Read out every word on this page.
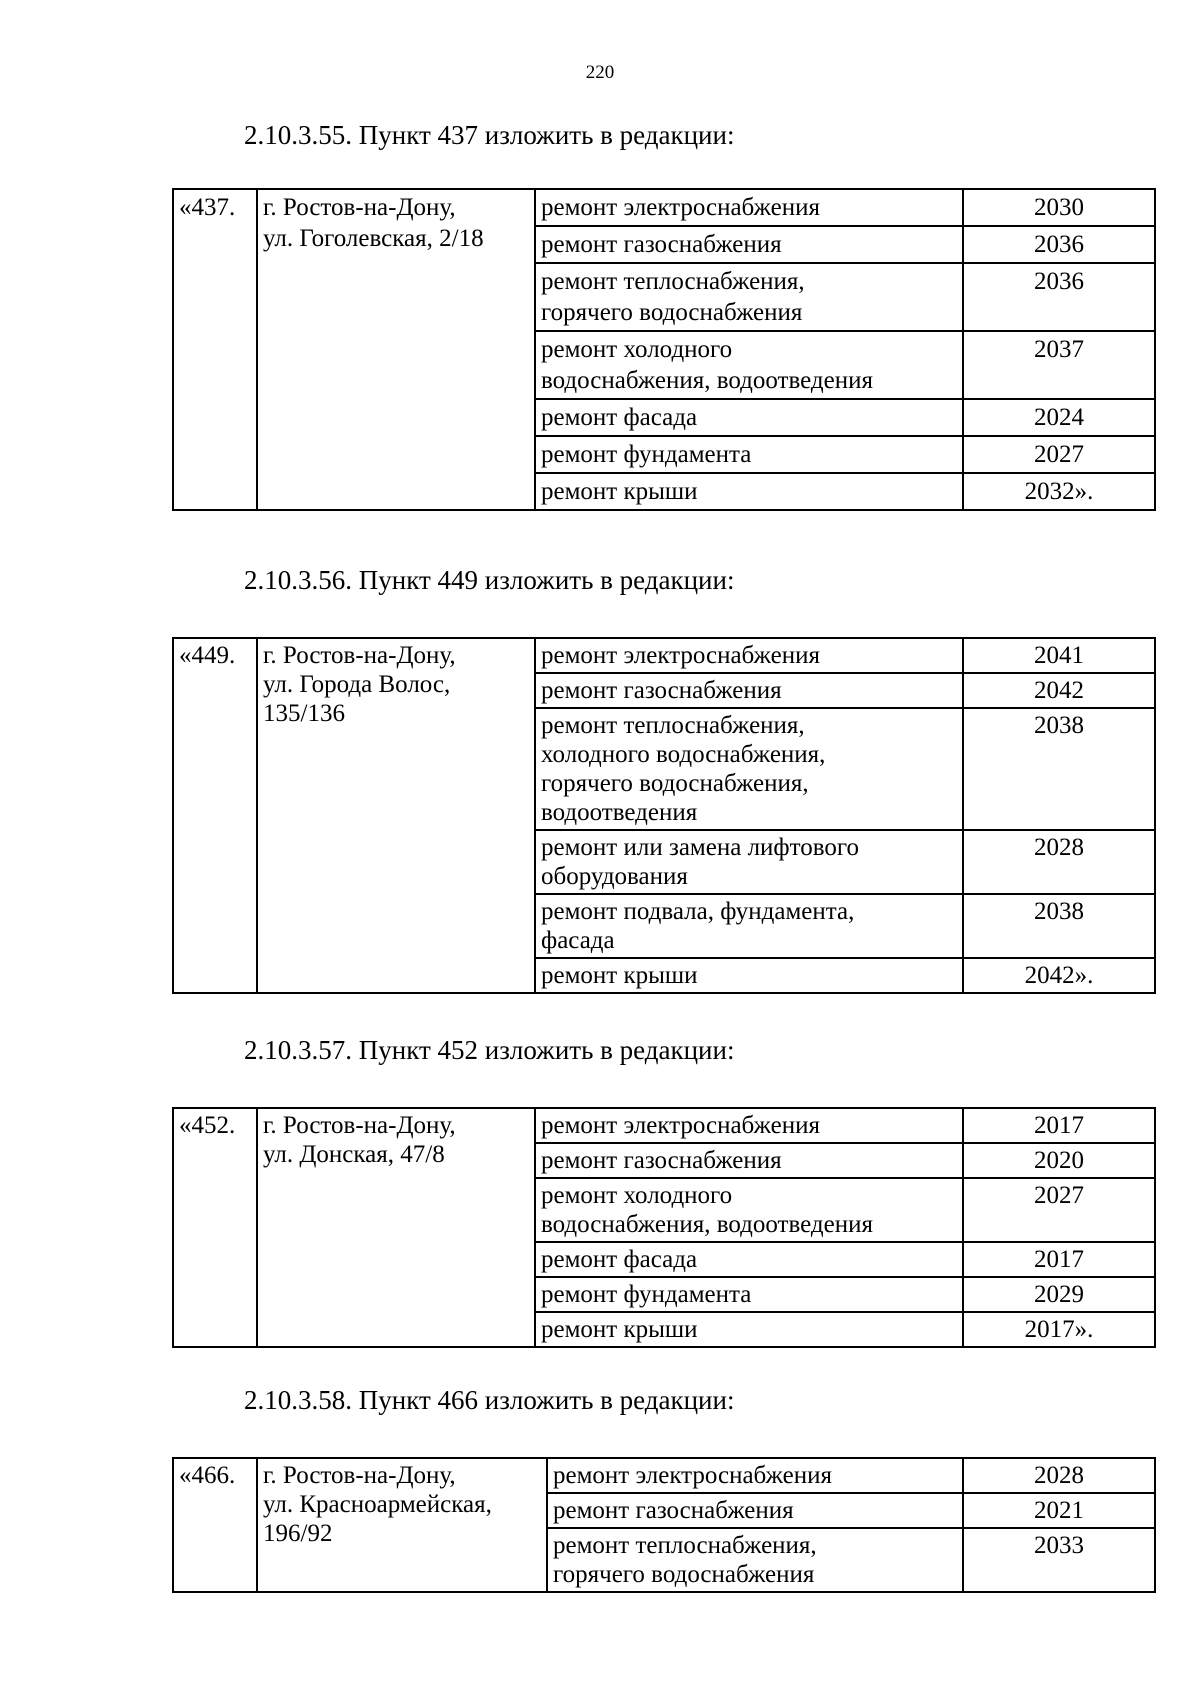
220

2.10.3.55. Пункт 437 изложить в редакции:

«437.	г. Ростов-на-Дону,
ул. Гоголевская, 2/18	ремонт электроснабжения	2030
		ремонт газоснабжения	2036

		ремонт теплоснабжения,
горячего водоснабжения	2036

		ремонт холодного
водоснабжения, водоотведения	2037
		ремонт фасада	2024
		ремонт фундамента	2027
		ремонт крыши	2032».

2.10.3.56. Пункт 449 изложить в редакции:

«449.	г. Ростов-на-Дону,
ул. Города Волос,
135/136	ремонт электроснабжения	2041
		ремонт газоснабжения	2042

		ремонт теплоснабжения,
холодного водоснабжения,
горячего водоснабжения,
водоотведения	2038

		ремонт или замена лифтового
оборудования	2028

		ремонт подвала, фундамента,
фасада	2038
		ремонт крыши	2042».

2.10.3.57. Пункт 452 изложить в редакции:

«452.	г. Ростов-на-Дону,
ул. Донская, 47/8	ремонт электроснабжения	2017
		ремонт газоснабжения	2020

		ремонт холодного
водоснабжения, водоотведения	2027
		ремонт фасада	2017
		ремонт фундамента	2029
		ремонт крыши	2017».

2.10.3.58. Пункт 466 изложить в редакции:

«466.	г. Ростов-на-Дону,
ул. Красноармейская,
196/92	ремонт электроснабжения	2028
		ремонт газоснабжения	2021

		ремонт теплоснабжения,
горячего водоснабжения	2033
